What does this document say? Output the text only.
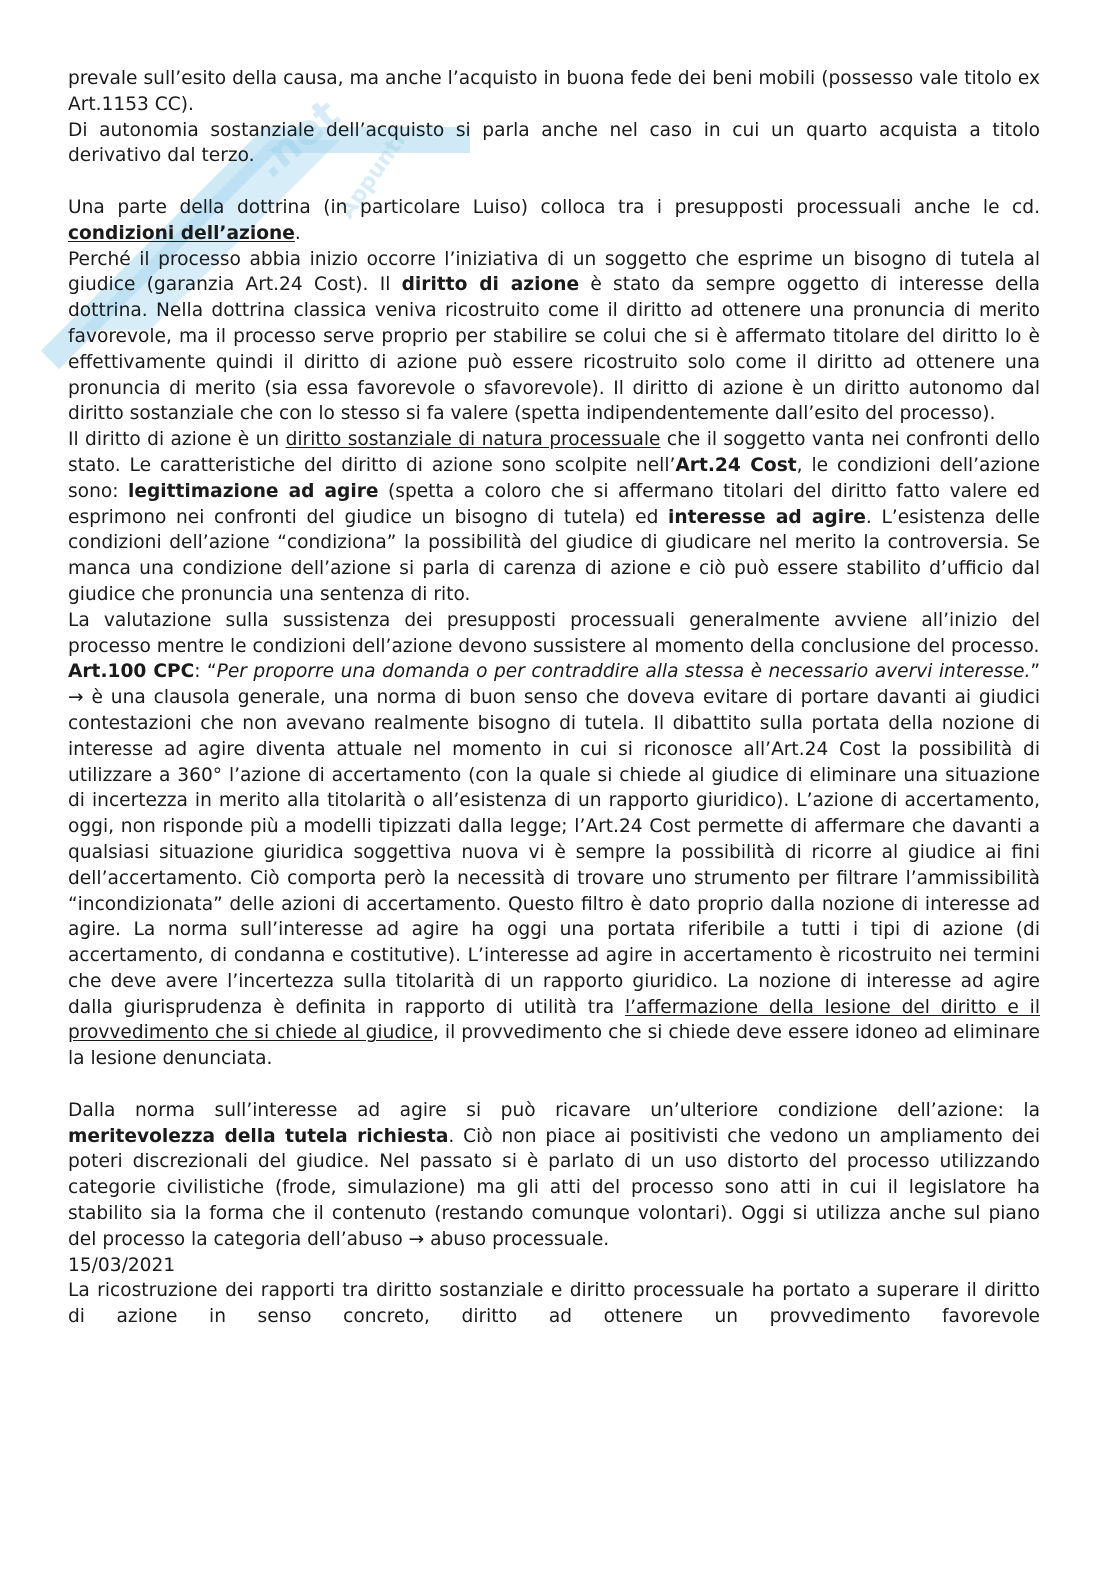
.net
Appunti

prevale sull’esito della causa, ma anche l’acquisto in buona fede dei beni mobili (possesso vale titolo ex Art.1153 CC).

Di autonomia sostanziale dell’acquisto si parla anche nel caso in cui un quarto acquista a titolo derivativo dal terzo.

Una parte della dottrina (in particolare Luiso) colloca tra i presupposti processuali anche le cd. condizioni dell’azione.

Perché il processo abbia inizio occorre l’iniziativa di un soggetto che esprime un bisogno di tutela al giudice (garanzia Art.24 Cost). Il diritto di azione è stato da sempre oggetto di interesse della dottrina. Nella dottrina classica veniva ricostruito come il diritto ad ottenere una pronuncia di merito favorevole, ma il processo serve proprio per stabilire se colui che si è affermato titolare del diritto lo è effettivamente quindi il diritto di azione può essere ricostruito solo come il diritto ad ottenere una pronuncia di merito (sia essa favorevole o sfavorevole). Il diritto di azione è un diritto autonomo dal diritto sostanziale che con lo stesso si fa valere (spetta indipendentemente dall’esito del processo).

Il diritto di azione è un diritto sostanziale di natura processuale che il soggetto vanta nei confronti dello stato. Le caratteristiche del diritto di azione sono scolpite nell’Art.24 Cost, le condizioni dell’azione sono: legittimazione ad agire (spetta a coloro che si affermano titolari del diritto fatto valere ed esprimono nei confronti del giudice un bisogno di tutela) ed interesse ad agire. L’esistenza delle condizioni dell’azione “condiziona” la possibilità del giudice di giudicare nel merito la controversia. Se manca una condizione dell’azione si parla di carenza di azione e ciò può essere stabilito d’ufficio dal giudice che pronuncia una sentenza di rito.

La valutazione sulla sussistenza dei presupposti processuali generalmente avviene all’inizio del processo mentre le condizioni dell’azione devono sussistere al momento della conclusione del processo.

Art.100 CPC: “Per proporre una domanda o per contraddire alla stessa è necessario avervi interesse.” → è una clausola generale, una norma di buon senso che doveva evitare di portare davanti ai giudici contestazioni che non avevano realmente bisogno di tutela. Il dibattito sulla portata della nozione di interesse ad agire diventa attuale nel momento in cui si riconosce all’Art.24 Cost la possibilità di utilizzare a 360° l’azione di accertamento (con la quale si chiede al giudice di eliminare una situazione di incertezza in merito alla titolarità o all’esistenza di un rapporto giuridico). L’azione di accertamento, oggi, non risponde più a modelli tipizzati dalla legge; l’Art.24 Cost permette di affermare che davanti a qualsiasi situazione giuridica soggettiva nuova vi è sempre la possibilità di ricorre al giudice ai fini dell’accertamento. Ciò comporta però la necessità di trovare uno strumento per filtrare l’ammissibilità “incondizionata” delle azioni di accertamento. Questo filtro è dato proprio dalla nozione di interesse ad agire. La norma sull’interesse ad agire ha oggi una portata riferibile a tutti i tipi di azione (di accertamento, di condanna e costitutive). L’interesse ad agire in accertamento è ricostruito nei termini che deve avere l’incertezza sulla titolarità di un rapporto giuridico. La nozione di interesse ad agire dalla giurisprudenza è definita in rapporto di utilità tra l’affermazione della lesione del diritto e il provvedimento che si chiede al giudice, il provvedimento che si chiede deve essere idoneo ad eliminare la lesione denunciata.

Dalla norma sull’interesse ad agire si può ricavare un’ulteriore condizione dell’azione: la meritevolezza della tutela richiesta. Ciò non piace ai positivisti che vedono un ampliamento dei poteri discrezionali del giudice. Nel passato si è parlato di un uso distorto del processo utilizzando categorie civilistiche (frode, simulazione) ma gli atti del processo sono atti in cui il legislatore ha stabilito sia la forma che il contenuto (restando comunque volontari). Oggi si utilizza anche sul piano del processo la categoria dell’abuso → abuso processuale.

15/03/2021

La ricostruzione dei rapporti tra diritto sostanziale e diritto processuale ha portato a superare il diritto di azione in senso concreto, diritto ad ottenere un provvedimento favorevole
